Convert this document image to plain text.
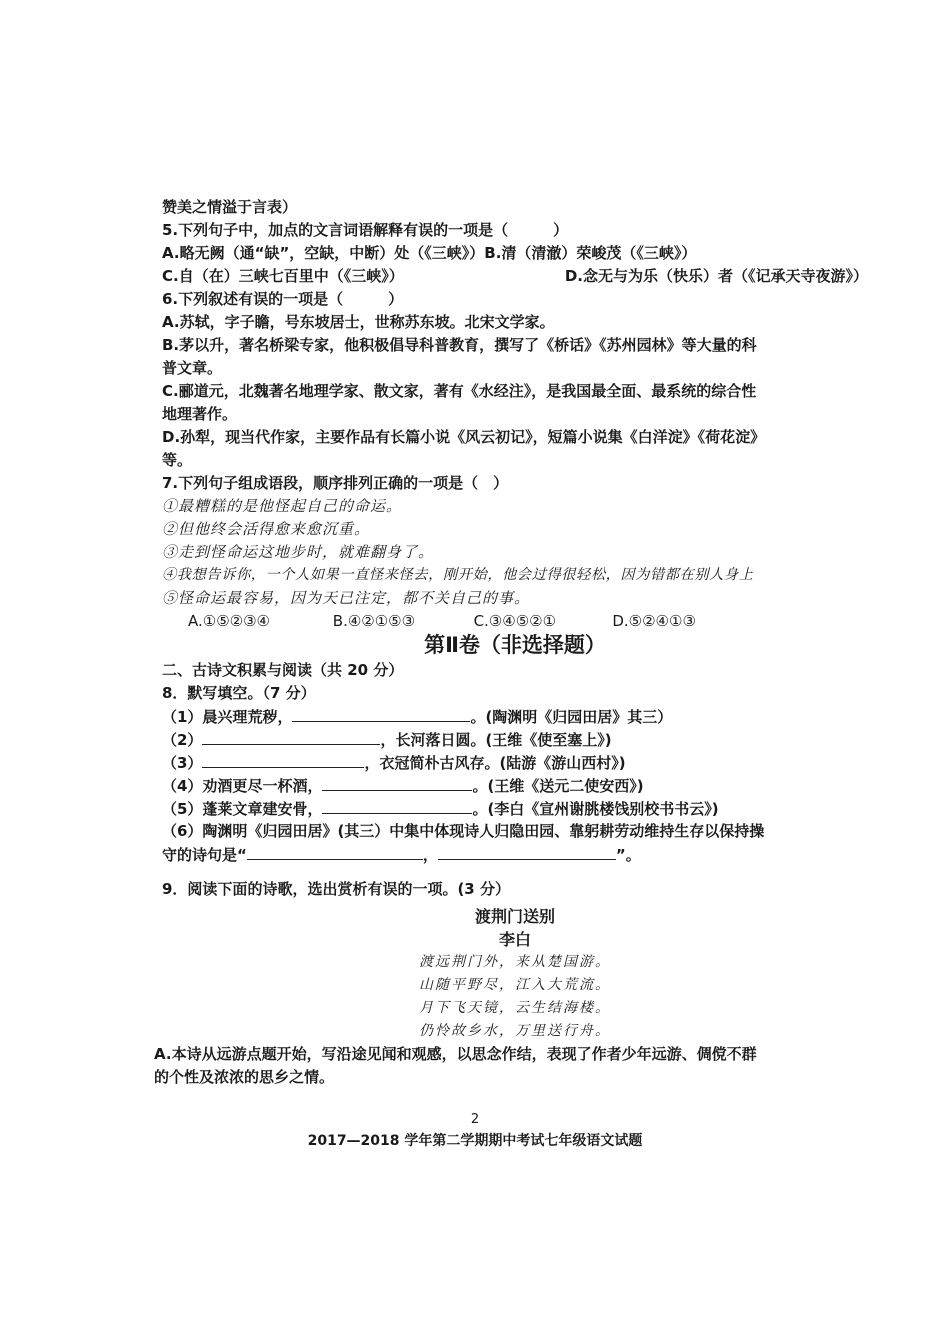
赞美之情溢于言表）
5.下列句子中，加点的文言词语解释有误的一项是（　　　）
A.略无阙（通“缺”，空缺，中断）处（《三峡》）B.清（清澈）荣峻茂（《三峡》）
C.自（在）三峡七百里中（《三峡》）	D.念无与为乐（快乐）者（《记承天寺夜游》）
6.下列叙述有误的一项是（　　　）
A.苏轼，字子瞻，号东坡居士，世称苏东坡。北宋文学家。
B.茅以升，著名桥梁专家，他积极倡导科普教育，撰写了《桥话》《苏州园林》等大量的科
普文章。
C.郦道元，北魏著名地理学家、散文家，著有《水经注》，是我国最全面、最系统的综合性
地理著作。
D.孙犁，现当代作家，主要作品有长篇小说《风云初记》，短篇小说集《白洋淀》《荷花淀》
等。
7.下列句子组成语段，顺序排列正确的一项是（　）
①最糟糕的是他怪起自己的命运。
②但他终会活得愈来愈沉重。
③走到怪命运这地步时，就难翻身了。
④我想告诉你，一个人如果一直怪来怪去，刚开始，他会过得很轻松，因为错都在别人身上
⑤怪命运最容易，因为天已注定，都不关自己的事。
A.①⑤②③④	B.④②①⑤③	C.③④⑤②①	D.⑤②④①③
第Ⅱ卷（非选择题）
二、古诗文积累与阅读（共 20 分）
8．默写填空。（7 分）
（1）晨兴理荒秽，	。(陶渊明《归园田居》其三）
（2）	，长河落日圆。(王维《使至塞上》)
（3）	，衣冠简朴古风存。(陆游《游山西村》)
（4）劝酒更尽一杯酒，	。(王维《送元二使安西》)
（5）蓬莱文章建安骨，	。(李白《宣州谢朓楼饯别校书书云》)
（6）陶渊明《归园田居》(其三）中集中体现诗人归隐田园、靠躬耕劳动维持生存以保持操
守的诗句是“	，	”。
9．阅读下面的诗歌，选出赏析有误的一项。(3 分）
渡荆门送别
李白
渡远荆门外，来从楚国游。
山随平野尽，江入大荒流。
月下飞天镜，云生结海楼。
仍怜故乡水，万里送行舟。
A.本诗从远游点题开始，写沿途见闻和观感，以思念作结，表现了作者少年远游、倜傥不群
的个性及浓浓的思乡之情。
2
2017—2018 学年第二学期期中考试七年级语文试题
